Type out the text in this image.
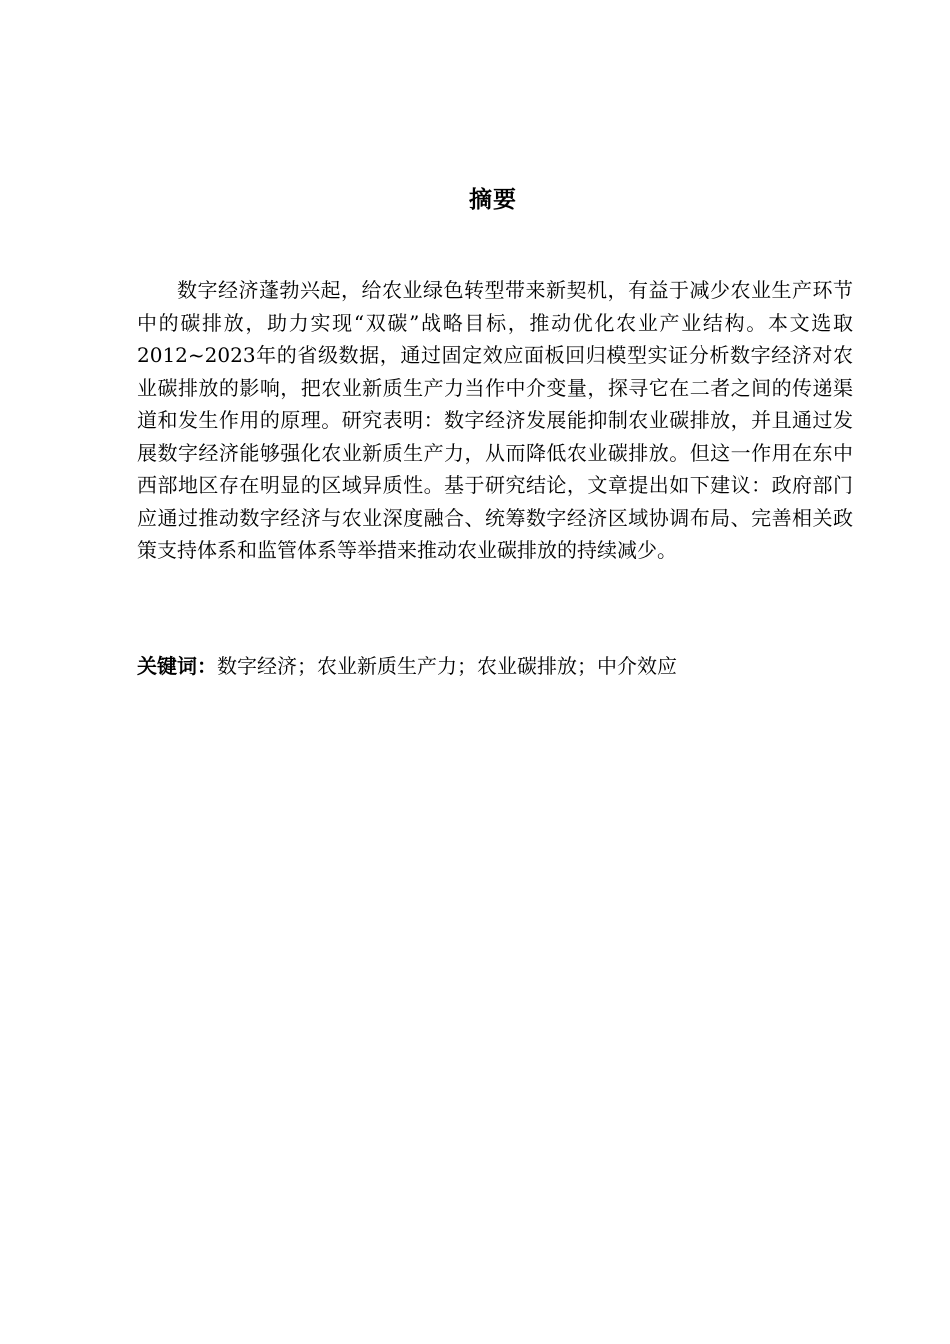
摘要

数字经济蓬勃兴起，给农业绿色转型带来新契机，有益于减少农业生产环节中的碳排放，助力实现“双碳”战略目标，推动优化农业产业结构。本文选取2012~2023年的省级数据，通过固定效应面板回归模型实证分析数字经济对农业碳排放的影响，把农业新质生产力当作中介变量，探寻它在二者之间的传递渠道和发生作用的原理。研究表明：数字经济发展能抑制农业碳排放，并且通过发展数字经济能够强化农业新质生产力，从而降低农业碳排放。但这一作用在东中西部地区存在明显的区域异质性。基于研究结论，文章提出如下建议：政府部门应通过推动数字经济与农业深度融合、统筹数字经济区域协调布局、完善相关政策支持体系和监管体系等举措来推动农业碳排放的持续减少。

关键词：数字经济；农业新质生产力；农业碳排放；中介效应
